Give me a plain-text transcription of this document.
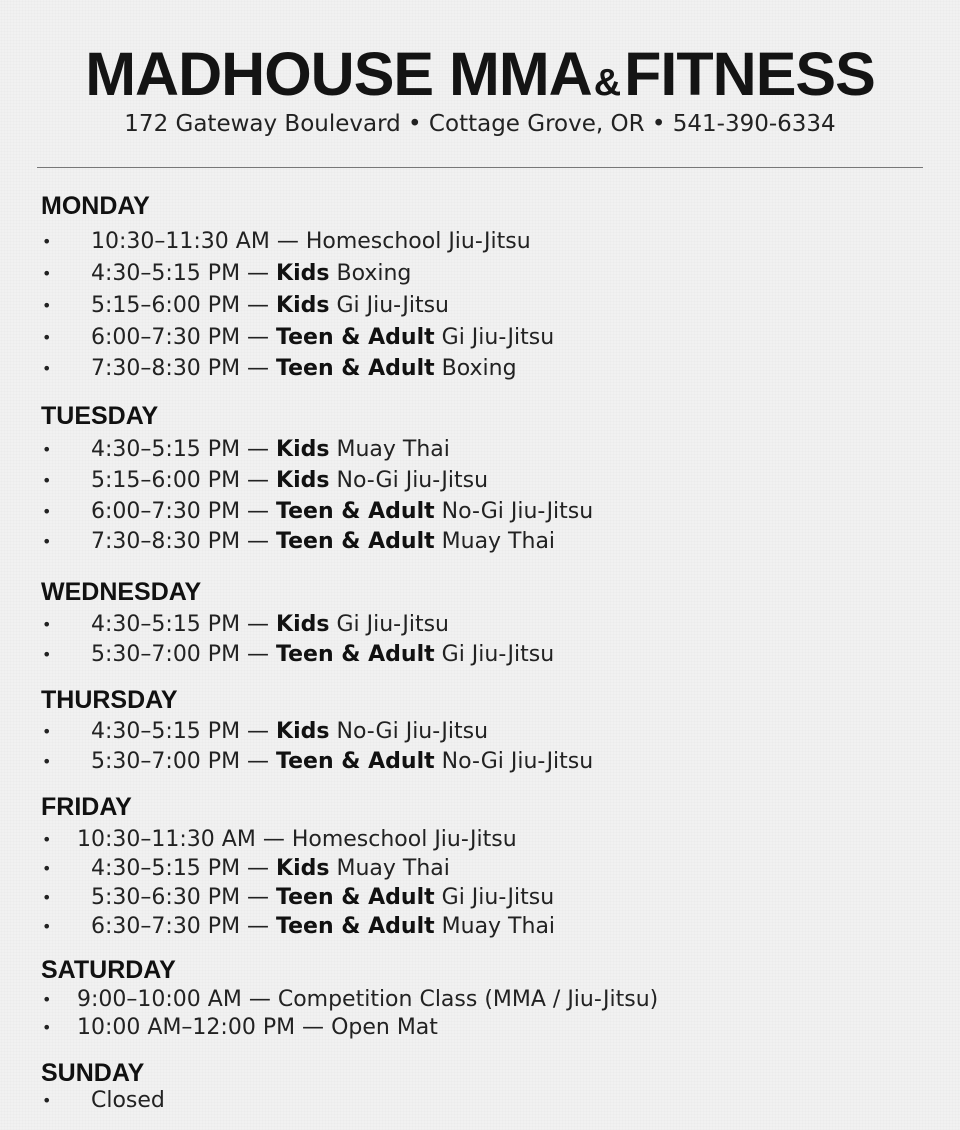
MADHOUSE MMA&FITNESS
172 Gateway Boulevard • Cottage Grove, OR • 541-390-6334
MONDAY
• 10:30–11:30 AM — Homeschool Jiu-Jitsu
• 4:30–5:15 PM — Kids Boxing
• 5:15–6:00 PM — Kids Gi Jiu-Jitsu
• 6:00–7:30 PM — Teen & Adult Gi Jiu-Jitsu
• 7:30–8:30 PM — Teen & Adult Boxing
TUESDAY
• 4:30–5:15 PM — Kids Muay Thai
• 5:15–6:00 PM — Kids No-Gi Jiu-Jitsu
• 6:00–7:30 PM — Teen & Adult No-Gi Jiu-Jitsu
• 7:30–8:30 PM — Teen & Adult Muay Thai
WEDNESDAY
• 4:30–5:15 PM — Kids Gi Jiu-Jitsu
• 5:30–7:00 PM — Teen & Adult Gi Jiu-Jitsu
THURSDAY
• 4:30–5:15 PM — Kids No-Gi Jiu-Jitsu
• 5:30–7:00 PM — Teen & Adult No-Gi Jiu-Jitsu
FRIDAY
• 10:30–11:30 AM — Homeschool Jiu-Jitsu
• 4:30–5:15 PM — Kids Muay Thai
• 5:30–6:30 PM — Teen & Adult Gi Jiu-Jitsu
• 6:30–7:30 PM — Teen & Adult Muay Thai
SATURDAY
• 9:00–10:00 AM — Competition Class (MMA / Jiu-Jitsu)
• 10:00 AM–12:00 PM — Open Mat
SUNDAY
• Closed
